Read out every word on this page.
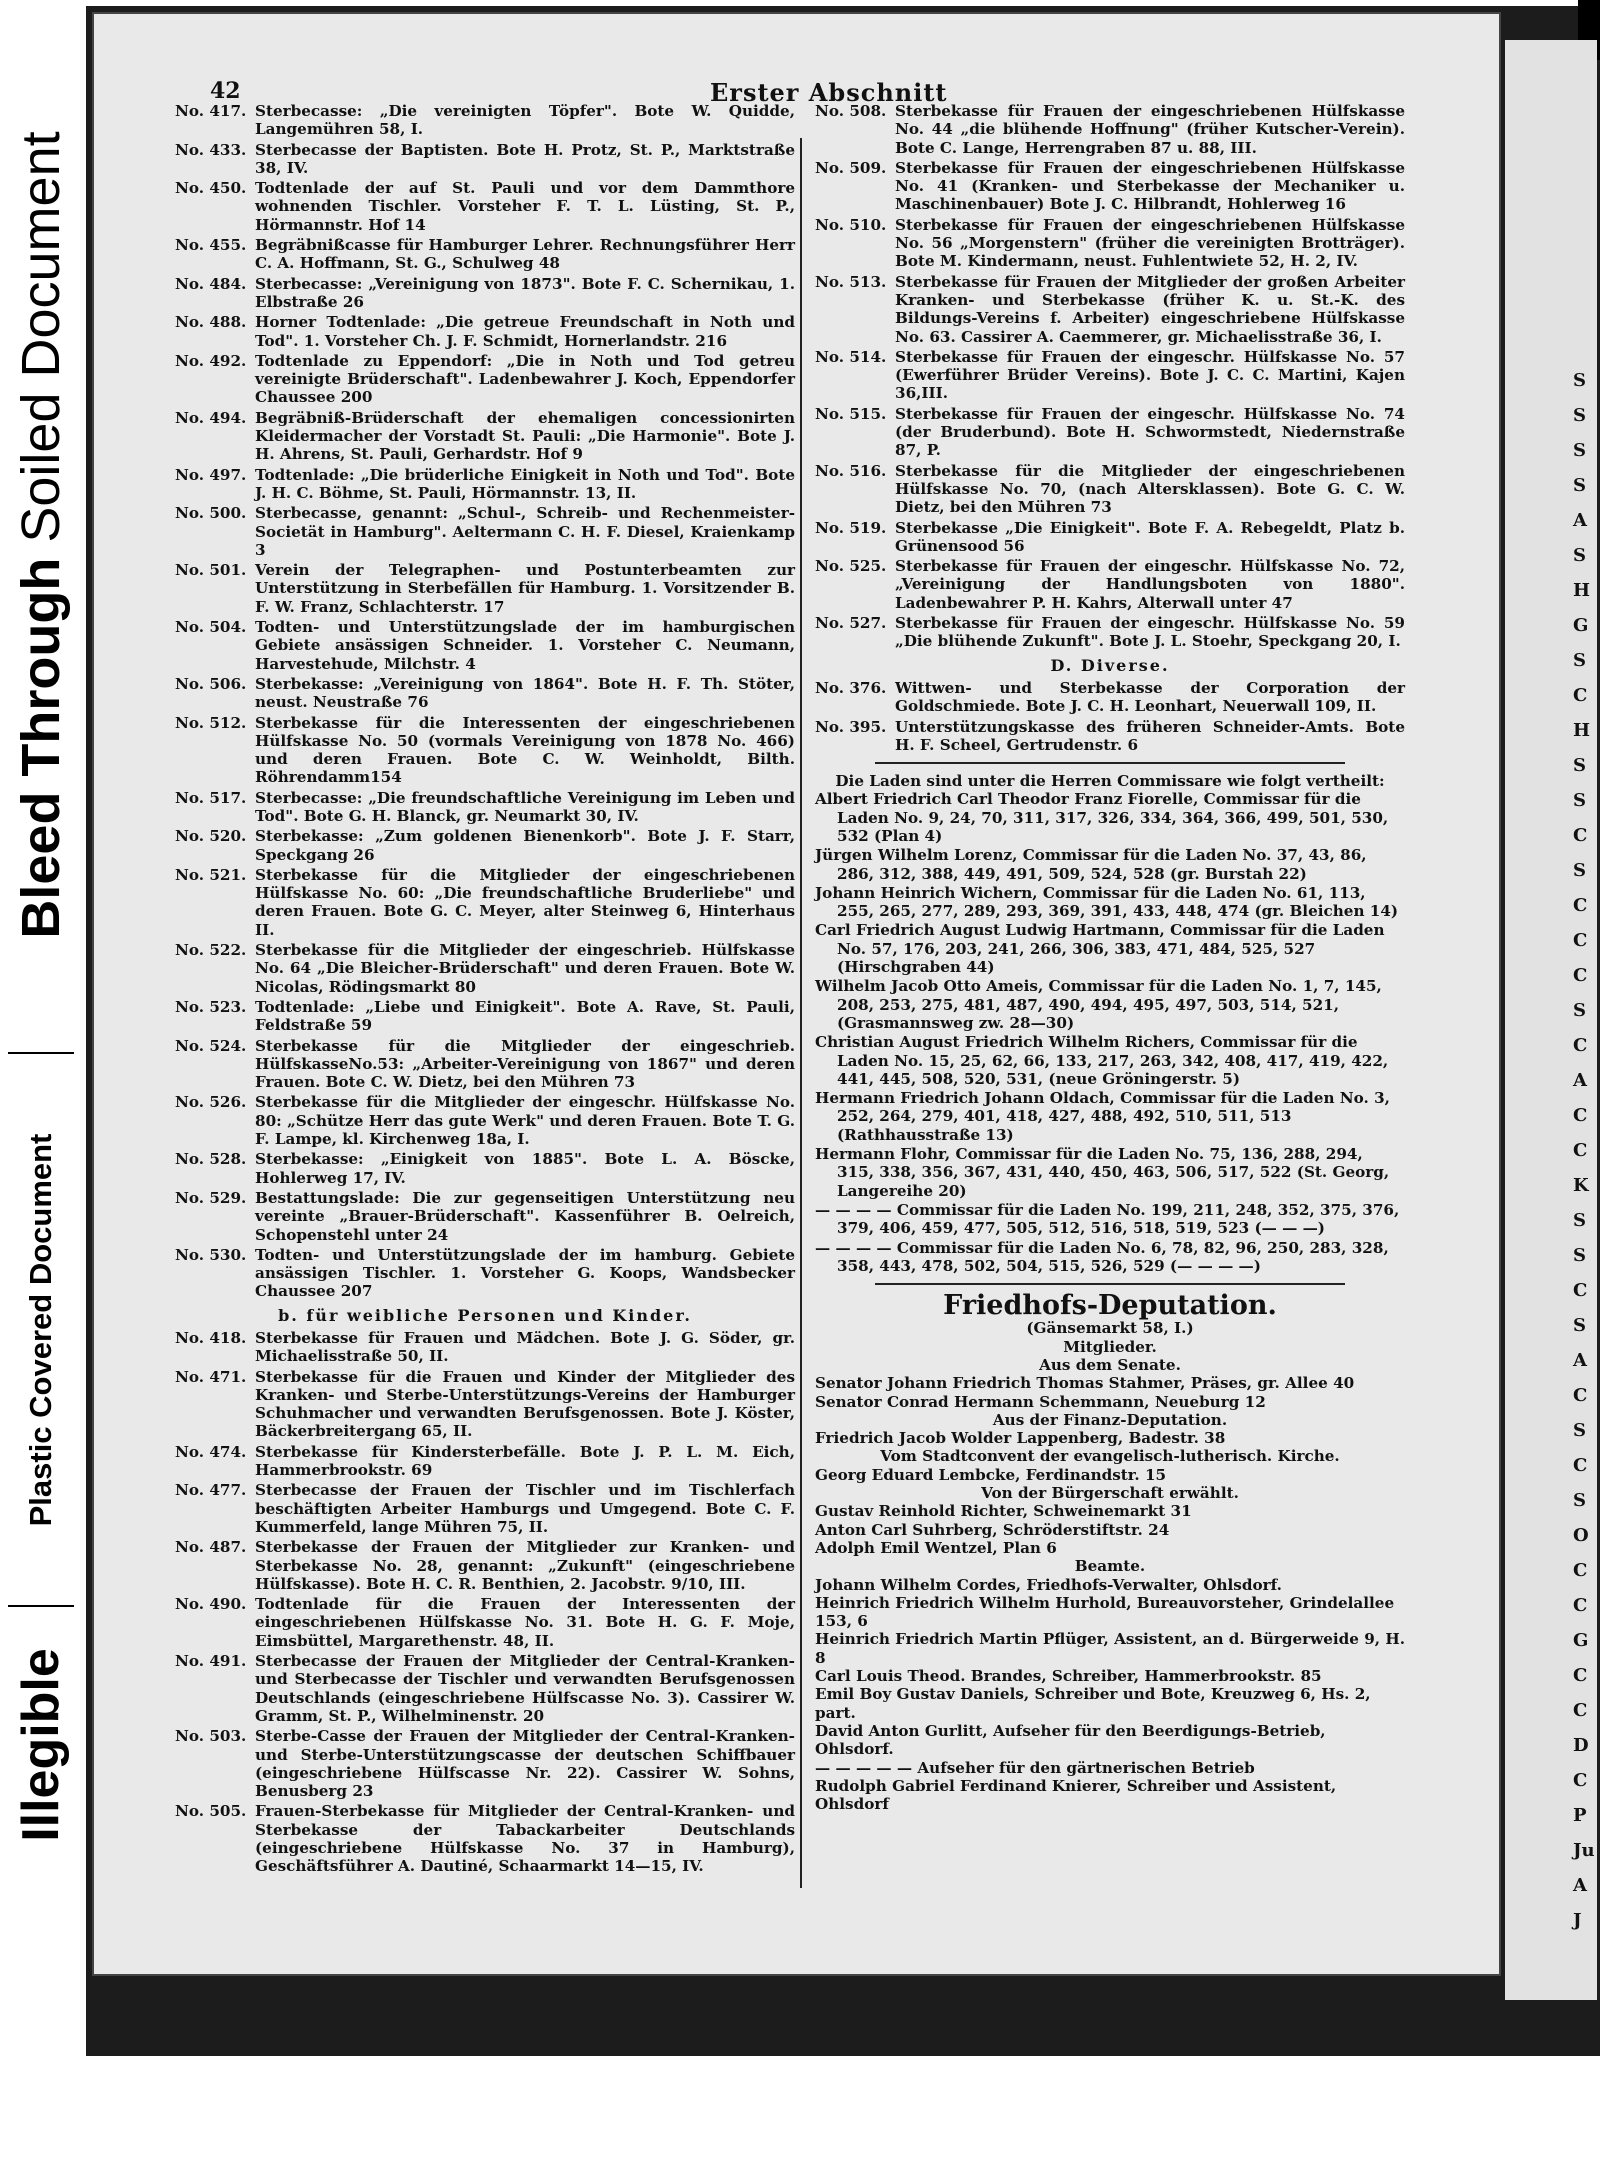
Bleed Through Soiled Document
Plastic Covered Document
Illegible
S
S
S
S
A
S
H
G
S
C
H
S
S
C
S
C
C
C
S
C
A
C
C
K
S
S
C
S
A
C
S
C
S
O
C
C
G
C
C
D
C
P
Ju
A
J
42	Erster Abschnitt
No. 417. Sterbecasse: „Die vereinigten Töpfer". Bote W. Quidde, Langemühren 58, I.
No. 433. Sterbecasse der Baptisten. Bote H. Protz, St. P., Marktstraße 38, IV.
No. 450. Todtenlade der auf St. Pauli und vor dem Dammthore wohnenden Tischler. Vorsteher F. T. L. Lüsting, St. P., Hörmannstr. Hof 14
No. 455. Begräbnißcasse für Hamburger Lehrer. Rechnungsführer Herr C. A. Hoffmann, St. G., Schulweg 48
No. 484. Sterbecasse: „Vereinigung von 1873". Bote F. C. Schernikau, 1. Elbstraße 26
No. 488. Horner Todtenlade: „Die getreue Freundschaft in Noth und Tod". 1. Vorsteher Ch. J. F. Schmidt, Hornerlandstr. 216
No. 492. Todtenlade zu Eppendorf: „Die in Noth und Tod getreu vereinigte Brüderschaft". Ladenbewahrer J. Koch, Eppendorfer Chaussee 200
No. 494. Begräbniß-Brüderschaft der ehemaligen concessionirten Kleidermacher der Vorstadt St. Pauli: „Die Harmonie". Bote J. H. Ahrens, St. Pauli, Gerhardstr. Hof 9
No. 497. Todtenlade: „Die brüderliche Einigkeit in Noth und Tod". Bote J. H. C. Böhme, St. Pauli, Hörmannstr. 13, II.
No. 500. Sterbecasse, genannt: „Schul-, Schreib- und Rechenmeister-Societät in Hamburg". Aeltermann C. H. F. Diesel, Kraienkamp 3
No. 501. Verein der Telegraphen- und Postunterbeamten zur Unterstützung in Sterbefällen für Hamburg. 1. Vorsitzender B. F. W. Franz, Schlachterstr. 17
No. 504. Todten- und Unterstützungslade der im hamburgischen Gebiete ansässigen Schneider. 1. Vorsteher C. Neumann, Harvestehude, Milchstr. 4
No. 506. Sterbekasse: „Vereinigung von 1864". Bote H. F. Th. Stöter, neust. Neustraße 76
No. 512. Sterbekasse für die Interessenten der eingeschriebenen Hülfskasse No. 50 (vormals Vereinigung von 1878 No. 466) und deren Frauen. Bote C. W. Weinholdt, Bilth. Röhrendamm154
No. 517. Sterbecasse: „Die freundschaftliche Vereinigung im Leben und Tod". Bote G. H. Blanck, gr. Neumarkt 30, IV.
No. 520. Sterbekasse: „Zum goldenen Bienenkorb". Bote J. F. Starr, Speckgang 26
No. 521. Sterbekasse für die Mitglieder der eingeschriebenen Hülfskasse No. 60: „Die freundschaftliche Bruderliebe" und deren Frauen. Bote G. C. Meyer, alter Steinweg 6, Hinterhaus II.
No. 522. Sterbekasse für die Mitglieder der eingeschrieb. Hülfskasse No. 64 „Die Bleicher-Brüderschaft" und deren Frauen. Bote W. Nicolas, Rödingsmarkt 80
No. 523. Todtenlade: „Liebe und Einigkeit". Bote A. Rave, St. Pauli, Feldstraße 59
No. 524. Sterbekasse für die Mitglieder der eingeschrieb. HülfskasseNo.53: „Arbeiter-Vereinigung von 1867" und deren Frauen. Bote C. W. Dietz, bei den Mühren 73
No. 526. Sterbekasse für die Mitglieder der eingeschr. Hülfskasse No. 80: „Schütze Herr das gute Werk" und deren Frauen. Bote T. G. F. Lampe, kl. Kirchenweg 18a, I.
No. 528. Sterbekasse: „Einigkeit von 1885". Bote L. A. Böscke, Hohlerweg 17, IV.
No. 529. Bestattungslade: Die zur gegenseitigen Unterstützung neu vereinte „Brauer-Brüderschaft". Kassenführer B. Oelreich, Schopenstehl unter 24
No. 530. Todten- und Unterstützungslade der im hamburg. Gebiete ansässigen Tischler. 1. Vorsteher G. Koops, Wandsbecker Chaussee 207
b. für weibliche Personen und Kinder.
No. 418. Sterbekasse für Frauen und Mädchen. Bote J. G. Söder, gr. Michaelisstraße 50, II.
No. 471. Sterbekasse für die Frauen und Kinder der Mitglieder des Kranken- und Sterbe-Unterstützungs-Vereins der Hamburger Schuhmacher und verwandten Berufsgenossen. Bote J. Köster, Bäckerbreitergang 65, II.
No. 474. Sterbekasse für Kindersterbefälle. Bote J. P. L. M. Eich, Hammerbrookstr. 69
No. 477. Sterbecasse der Frauen der Tischler und im Tischlerfach beschäftigten Arbeiter Hamburgs und Umgegend. Bote C. F. Kummerfeld, lange Mühren 75, II.
No. 487. Sterbekasse der Frauen der Mitglieder zur Kranken- und Sterbekasse No. 28, genannt: „Zukunft" (eingeschriebene Hülfskasse). Bote H. C. R. Benthien, 2. Jacobstr. 9/10, III.
No. 490. Todtenlade für die Frauen der Interessenten der eingeschriebenen Hülfskasse No. 31. Bote H. G. F. Moje, Eimsbüttel, Margarethenstr. 48, II.
No. 491. Sterbecasse der Frauen der Mitglieder der Central-Kranken- und Sterbecasse der Tischler und verwandten Berufsgenossen Deutschlands (eingeschriebene Hülfscasse No. 3). Cassirer W. Gramm, St. P., Wilhelminenstr. 20
No. 503. Sterbe-Casse der Frauen der Mitglieder der Central-Kranken- und Sterbe-Unterstützungscasse der deutschen Schiffbauer (eingeschriebene Hülfscasse Nr. 22). Cassirer W. Sohns, Benusberg 23
No. 505. Frauen-Sterbekasse für Mitglieder der Central-Kranken- und Sterbekasse der Tabackarbeiter Deutschlands (eingeschriebene Hülfskasse No. 37 in Hamburg), Geschäftsführer A. Dautiné, Schaarmarkt 14—15, IV.
No. 508. Sterbekasse für Frauen der eingeschriebenen Hülfskasse No. 44 „die blühende Hoffnung" (früher Kutscher-Verein). Bote C. Lange, Herrengraben 87 u. 88, III.
No. 509. Sterbekasse für Frauen der eingeschriebenen Hülfskasse No. 41 (Kranken- und Sterbekasse der Mechaniker u. Maschinenbauer) Bote J. C. Hilbrandt, Hohlerweg 16
No. 510. Sterbekasse für Frauen der eingeschriebenen Hülfskasse No. 56 „Morgenstern" (früher die vereinigten Brotträger). Bote M. Kindermann, neust. Fuhlentwiete 52, H. 2, IV.
No. 513. Sterbekasse für Frauen der Mitglieder der großen Arbeiter Kranken- und Sterbekasse (früher K. u. St.-K. des Bildungs-Vereins f. Arbeiter) eingeschriebene Hülfskasse No. 63. Cassirer A. Caemmerer, gr. Michaelisstraße 36, I.
No. 514. Sterbekasse für Frauen der eingeschr. Hülfskasse No. 57 (Ewerführer Brüder Vereins). Bote J. C. C. Martini, Kajen 36,III.
No. 515. Sterbekasse für Frauen der eingeschr. Hülfskasse No. 74 (der Bruderbund). Bote H. Schwormstedt, Niedernstraße 87, P.
No. 516. Sterbekasse für die Mitglieder der eingeschriebenen Hülfskasse No. 70, (nach Altersklassen). Bote G. C. W. Dietz, bei den Mühren 73
No. 519. Sterbekasse „Die Einigkeit". Bote F. A. Rebegeldt, Platz b. Grünensood 56
No. 525. Sterbekasse für Frauen der eingeschr. Hülfskasse No. 72, „Vereinigung der Handlungsboten von 1880". Ladenbewahrer P. H. Kahrs, Alterwall unter 47
No. 527. Sterbekasse für Frauen der eingeschr. Hülfskasse No. 59 „Die blühende Zukunft". Bote J. L. Stoehr, Speckgang 20, I.
D. Diverse.
No. 376. Wittwen- und Sterbekasse der Corporation der Goldschmiede. Bote J. C. H. Leonhart, Neuerwall 109, II.
No. 395. Unterstützungskasse des früheren Schneider-Amts. Bote H. F. Scheel, Gertrudenstr. 6
Die Laden sind unter die Herren Commissare wie folgt vertheilt:
Albert Friedrich Carl Theodor Franz Fiorelle, Commissar für die Laden No. 9, 24, 70, 311, 317, 326, 334, 364, 366, 499, 501, 530, 532 (Plan 4)
Jürgen Wilhelm Lorenz, Commissar für die Laden No. 37, 43, 86, 286, 312, 388, 449, 491, 509, 524, 528 (gr. Burstah 22)
Johann Heinrich Wichern, Commissar für die Laden No. 61, 113, 255, 265, 277, 289, 293, 369, 391, 433, 448, 474 (gr. Bleichen 14)
Carl Friedrich August Ludwig Hartmann, Commissar für die Laden No. 57, 176, 203, 241, 266, 306, 383, 471, 484, 525, 527 (Hirschgraben 44)
Wilhelm Jacob Otto Ameis, Commissar für die Laden No. 1, 7, 145, 208, 253, 275, 481, 487, 490, 494, 495, 497, 503, 514, 521, (Grasmannsweg zw. 28—30)
Christian August Friedrich Wilhelm Richers, Commissar für die Laden No. 15, 25, 62, 66, 133, 217, 263, 342, 408, 417, 419, 422, 441, 445, 508, 520, 531, (neue Gröningerstr. 5)
Hermann Friedrich Johann Oldach, Commissar für die Laden No. 3, 252, 264, 279, 401, 418, 427, 488, 492, 510, 511, 513 (Rathhausstraße 13)
Hermann Flohr, Commissar für die Laden No. 75, 136, 288, 294, 315, 338, 356, 367, 431, 440, 450, 463, 506, 517, 522 (St. Georg, Langereihe 20)
— — — — Commissar für die Laden No. 199, 211, 248, 352, 375, 376, 379, 406, 459, 477, 505, 512, 516, 518, 519, 523 (— — —)
— — — — Commissar für die Laden No. 6, 78, 82, 96, 250, 283, 328, 358, 443, 478, 502, 504, 515, 526, 529 (— — — —)
Friedhofs-Deputation.
(Gänsemarkt 58, I.)
Mitglieder.
Aus dem Senate.
Senator Johann Friedrich Thomas Stahmer, Präses, gr. Allee 40
Senator Conrad Hermann Schemmann, Neueburg 12
Aus der Finanz-Deputation.
Friedrich Jacob Wolder Lappenberg, Badestr. 38
Vom Stadtconvent der evangelisch-lutherisch. Kirche.
Georg Eduard Lembcke, Ferdinandstr. 15
Von der Bürgerschaft erwählt.
Gustav Reinhold Richter, Schweinemarkt 31
Anton Carl Suhrberg, Schröderstiftstr. 24
Adolph Emil Wentzel, Plan 6
Beamte.
Johann Wilhelm Cordes, Friedhofs-Verwalter, Ohlsdorf.
Heinrich Friedrich Wilhelm Hurhold, Bureauvorsteher, Grindelallee 153, 6
Heinrich Friedrich Martin Pflüger, Assistent, an d. Bürgerweide 9, H. 8
Carl Louis Theod. Brandes, Schreiber, Hammerbrookstr. 85
Emil Boy Gustav Daniels, Schreiber und Bote, Kreuzweg 6, Hs. 2, part.
David Anton Gurlitt, Aufseher für den Beerdigungs-Betrieb, Ohlsdorf.
— — — — — Aufseher für den gärtnerischen Betrieb
Rudolph Gabriel Ferdinand Knierer, Schreiber und Assistent, Ohlsdorf
